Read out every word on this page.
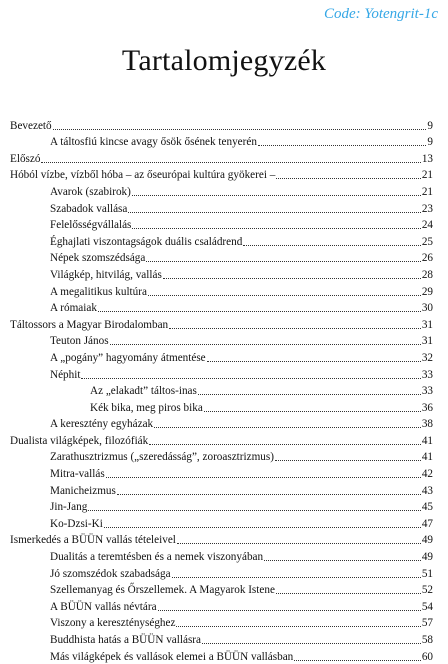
Code: Yotengrit-1c
Tartalomjegyzék
Bevezető	9
A táltosfiú kincse avagy ősök ősének tenyerén	9
Előszó	13
Hóból vízbe, vízből hóba – az őseurópai kultúra gyökerei –	21
Avarok (szabirok)	21
Szabadok vallása	23
Felelősségvállalás	24
Éghajlati viszontagságok duális családrend	25
Népek szomszédsága	26
Világkép, hitvilág, vallás	28
A megalitikus kultúra	29
A rómaiak	30
Táltossors a Magyar Birodalomban	31
Teuton János	31
A „pogány” hagyomány átmentése	32
Néphit	33
Az „elakadt” táltos-inas	33
Kék bika, meg piros bika	36
A keresztény egyházak	38
Dualista világképek, filozófiák	41
Zarathusztrizmus („szeredásság”, zoroasztrizmus)	41
Mitra-vallás	42
Manicheizmus	43
Jin-Jang	45
Ko-Dzsi-Ki	47
Ismerkedés a BÜÜN vallás tételeivel	49
Dualitás a teremtésben és a nemek viszonyában	49
Jó szomszédok szabadsága	51
Szellemanyag és Őrszellemek. A Magyarok Istene	52
A BÜÜN vallás névtára	54
Viszony a kereszténységhez	57
Buddhista hatás a BÜÜN vallásra	58
Más világképek és vallások elemei a BÜÜN vallásban	60
